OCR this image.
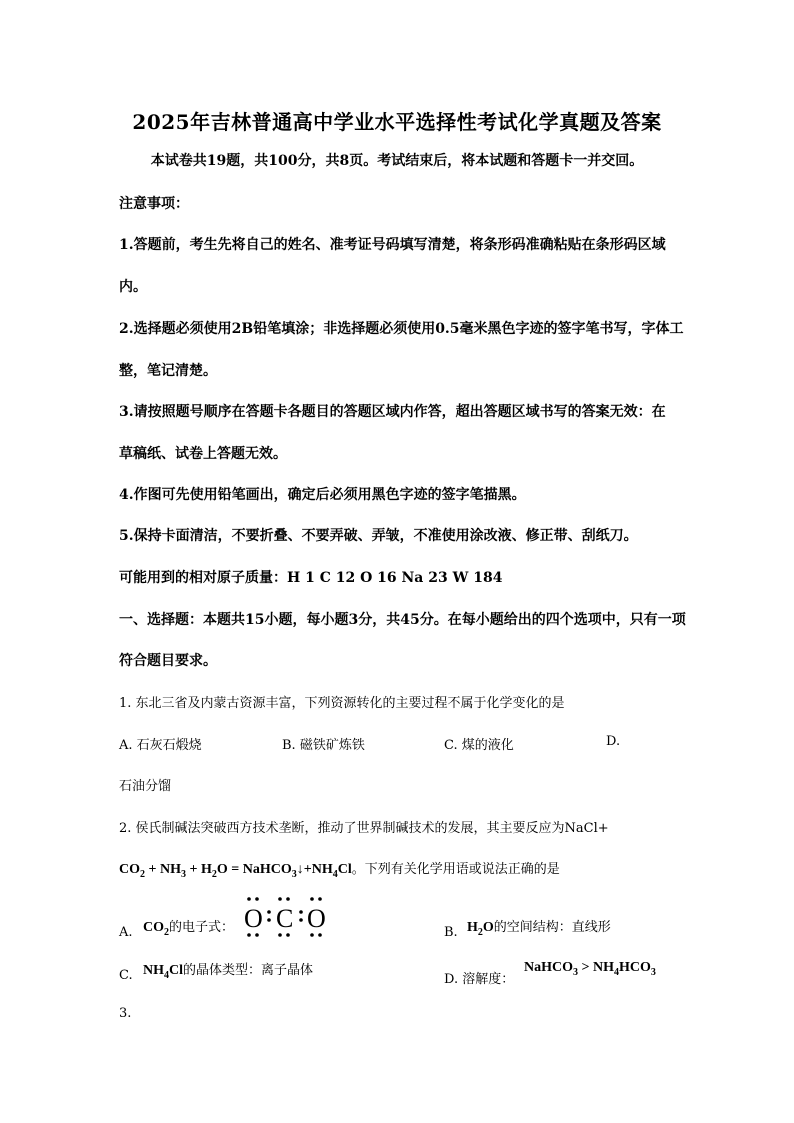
2025年吉林普通高中学业水平选择性考试化学真题及答案
本试卷共19题，共100分，共8页。考试结束后，将本试题和答题卡一并交回。
注意事项：
1.答题前，考生先将自己的姓名、准考证号码填写清楚，将条形码准确粘贴在条形码区域
内。
2.选择题必须使用2B铅笔填涂；非选择题必须使用0.5毫米黑色字迹的签字笔书写，字体工
整，笔记清楚。
3.请按照题号顺序在答题卡各题目的答题区域内作答，超出答题区域书写的答案无效：在
草稿纸、试卷上答题无效。
4.作图可先使用铅笔画出，确定后必须用黑色字迹的签字笔描黑。
5.保持卡面清洁，不要折叠、不要弄破、弄皱，不准使用涂改液、修正带、刮纸刀。
可能用到的相对原子质量：H 1 C 12 O 16 Na 23 W 184
一、选择题：本题共15小题，每小题3分，共45分。在每小题给出的四个选项中，只有一项
符合题目要求。
1. 东北三省及内蒙古资源丰富，下列资源转化的主要过程不属于化学变化的是
A. 石灰石煅烧	B. 磁铁矿炼铁	C. 煤的液化	D.
石油分馏
2. 侯氏制碱法突破西方技术垄断，推动了世界制碱技术的发展，其主要反应为NaCl+
$CO_2 + NH_3 + H_2O$ = $NaHCO_3↓+NH_4Cl$。下列有关化学用语或说法正确的是
A. $CO_2$的电子式： O C O	B. $H_2O$的空间结构：直线形
C. $NH_4Cl$的晶体类型：离子晶体
D. 溶解度：
NaHCO$_3$ > $NH_4HCO_3$
3.
